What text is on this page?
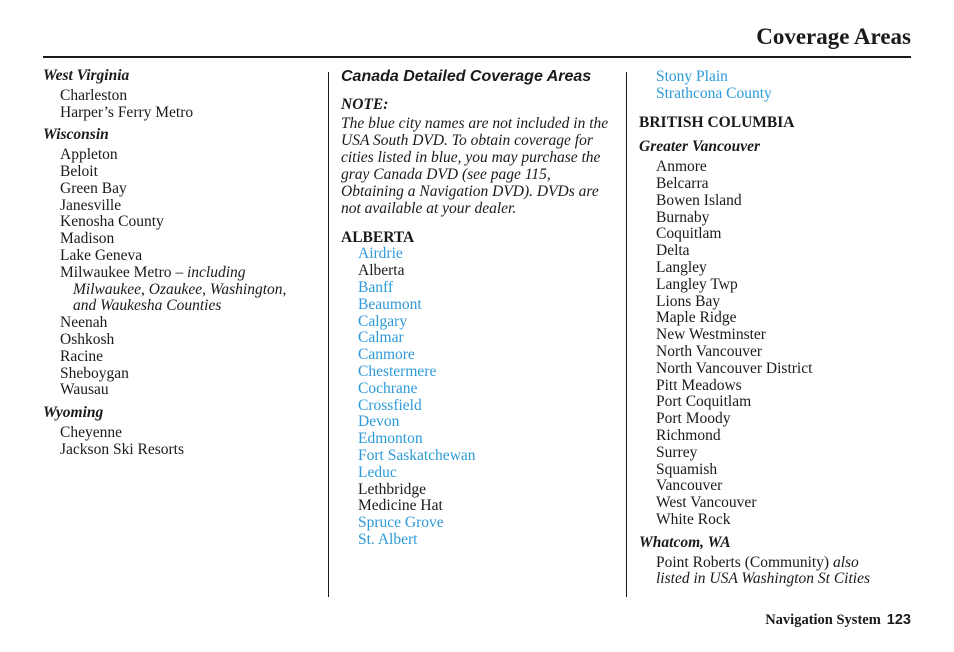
Coverage Areas
West Virginia
Charleston
Harper’s Ferry Metro
Wisconsin
Appleton
Beloit
Green Bay
Janesville
Kenosha County
Madison
Lake Geneva
Milwaukee Metro – including
Milwaukee, Ozaukee, Washington,
and Waukesha Counties
Neenah
Oshkosh
Racine
Sheboygan
Wausau
Wyoming
Cheyenne
Jackson Ski Resorts
Canada Detailed Coverage Areas
NOTE:
The blue city names are not included in the USA South DVD. To obtain coverage for cities listed in blue, you may purchase the gray Canada DVD (see page 115, Obtaining a Navigation DVD). DVDs are not available at your dealer.
ALBERTA
Airdrie
Alberta
Banff
Beaumont
Calgary
Calmar
Canmore
Chestermere
Cochrane
Crossfield
Devon
Edmonton
Fort Saskatchewan
Leduc
Lethbridge
Medicine Hat
Spruce Grove
St. Albert
Stony Plain
Strathcona County
BRITISH COLUMBIA
Greater Vancouver
Anmore
Belcarra
Bowen Island
Burnaby
Coquitlam
Delta
Langley
Langley Twp
Lions Bay
Maple Ridge
New Westminster
North Vancouver
North Vancouver District
Pitt Meadows
Port Coquitlam
Port Moody
Richmond
Surrey
Squamish
Vancouver
West Vancouver
White Rock
Whatcom, WA
Point Roberts (Community) also
listed in USA Washington St Cities
Navigation System 123
